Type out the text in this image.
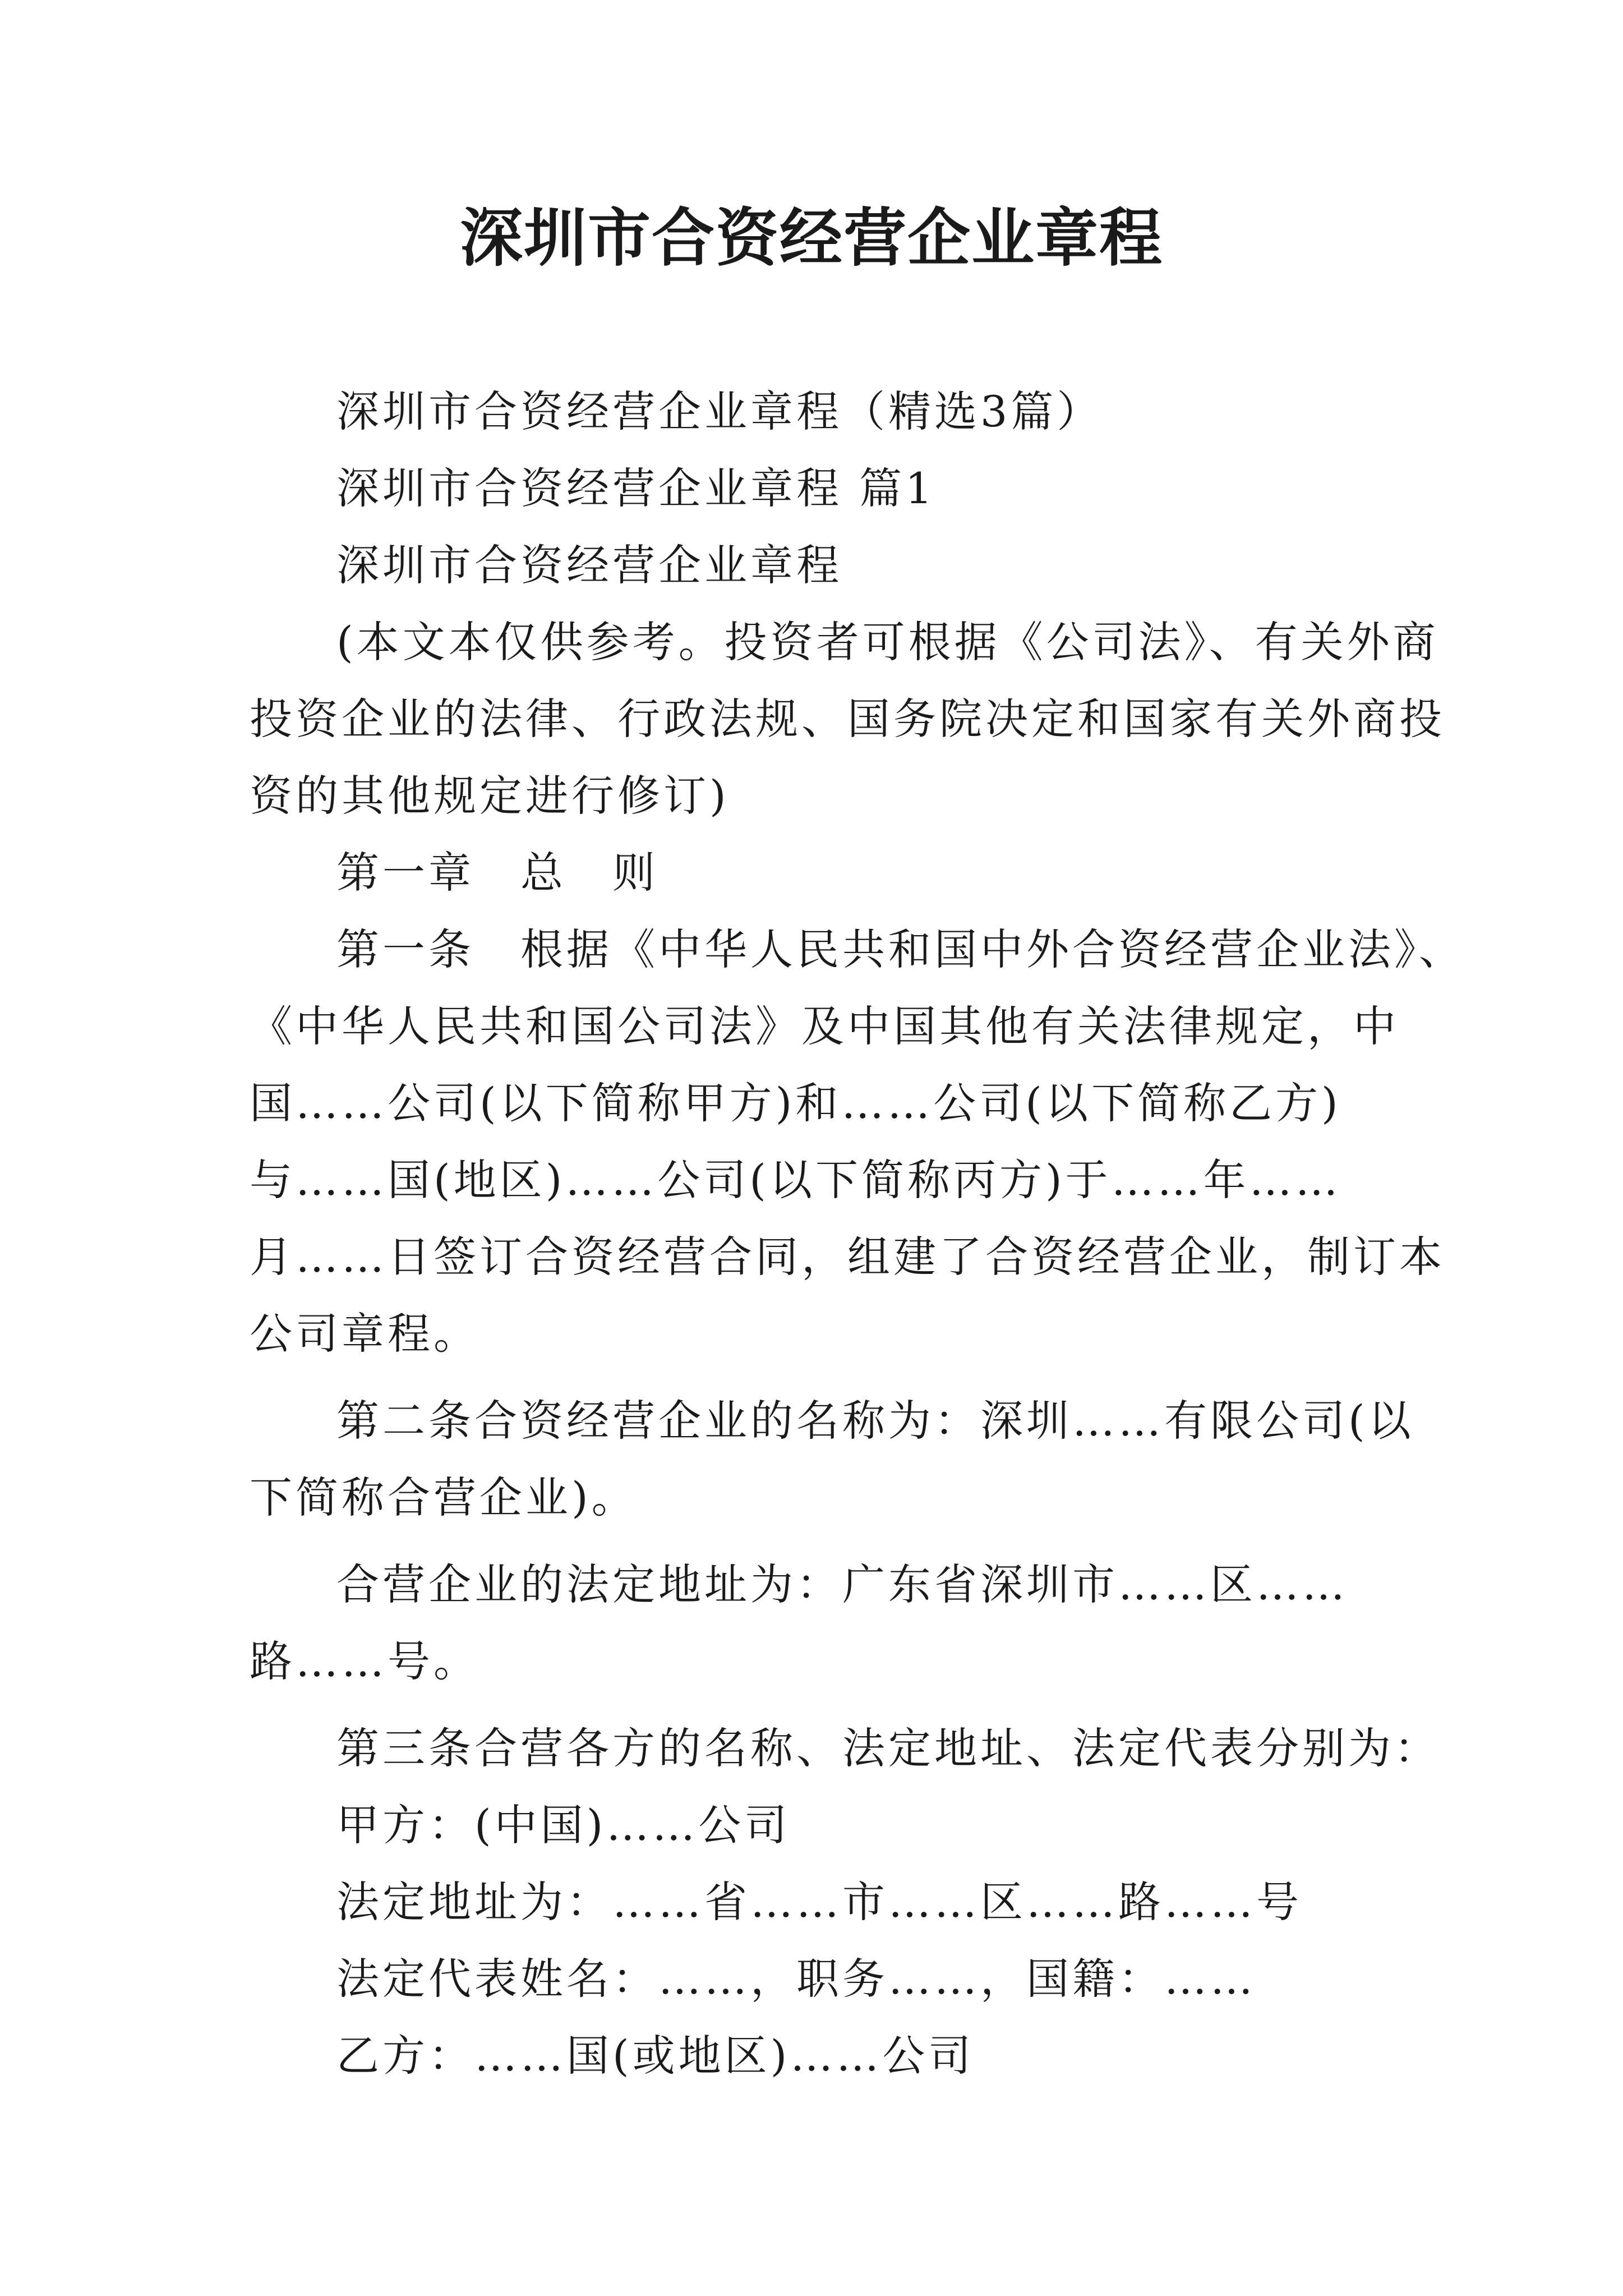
深圳市合资经营企业章程
深圳市合资经营企业章程（精选3篇）
深圳市合资经营企业章程 篇1
深圳市合资经营企业章程
(本文本仅供参考。投资者可根据《公司法》、有关外商
投资企业的法律、行政法规、国务院决定和国家有关外商投
资的其他规定进行修订)
第一章　总　则
第一条　根据《中华人民共和国中外合资经营企业法》、
《中华人民共和国公司法》及中国其他有关法律规定，中
国……公司(以下简称甲方)和……公司(以下简称乙方)
与……国(地区)……公司(以下简称丙方)于……年……
月……日签订合资经营合同，组建了合资经营企业，制订本
公司章程。
第二条合资经营企业的名称为：深圳……有限公司(以
下简称合营企业)。
合营企业的法定地址为：广东省深圳市……区……
路……号。
第三条合营各方的名称、法定地址、法定代表分别为：
甲方：(中国)……公司
法定地址为：……省……市……区……路……号
法定代表姓名：……，职务……，国籍：……
乙方：……国(或地区)……公司
